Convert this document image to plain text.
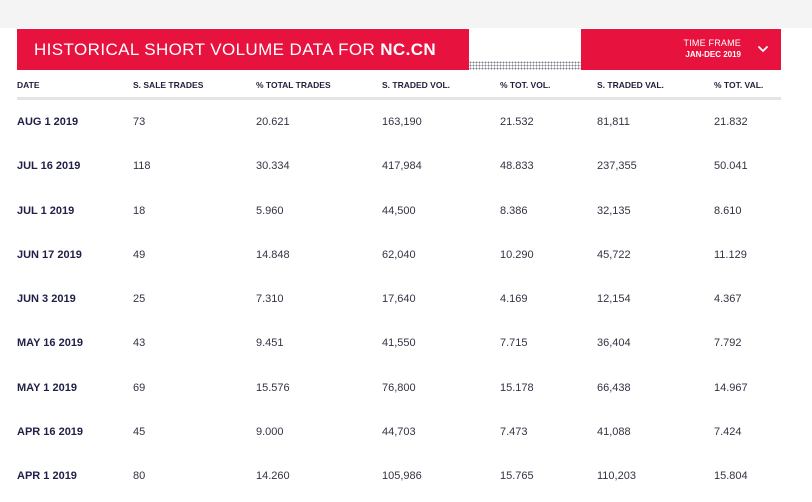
HISTORICAL SHORT VOLUME DATA FOR NC.CN	TIME FRAME
JAN-DEC 2019
DATE	S. SALE TRADES	% TOTAL TRADES	S. TRADED VOL.	% TOT. VOL.	S. TRADED VAL.	% TOT. VAL.
AUG 1 2019	73	20.621	163,190	21.532	81,811	21.832
JUL 16 2019	118	30.334	417,984	48.833	237,355	50.041
JUL 1 2019	18	5.960	44,500	8.386	32,135	8.610
JUN 17 2019	49	14.848	62,040	10.290	45,722	11.129
JUN 3 2019	25	7.310	17,640	4.169	12,154	4.367
MAY 16 2019	43	9.451	41,550	7.715	36,404	7.792
MAY 1 2019	69	15.576	76,800	15.178	66,438	14.967
APR 16 2019	45	9.000	44,703	7.473	41,088	7.424
APR 1 2019	80	14.260	105,986	15.765	110,203	15.804
